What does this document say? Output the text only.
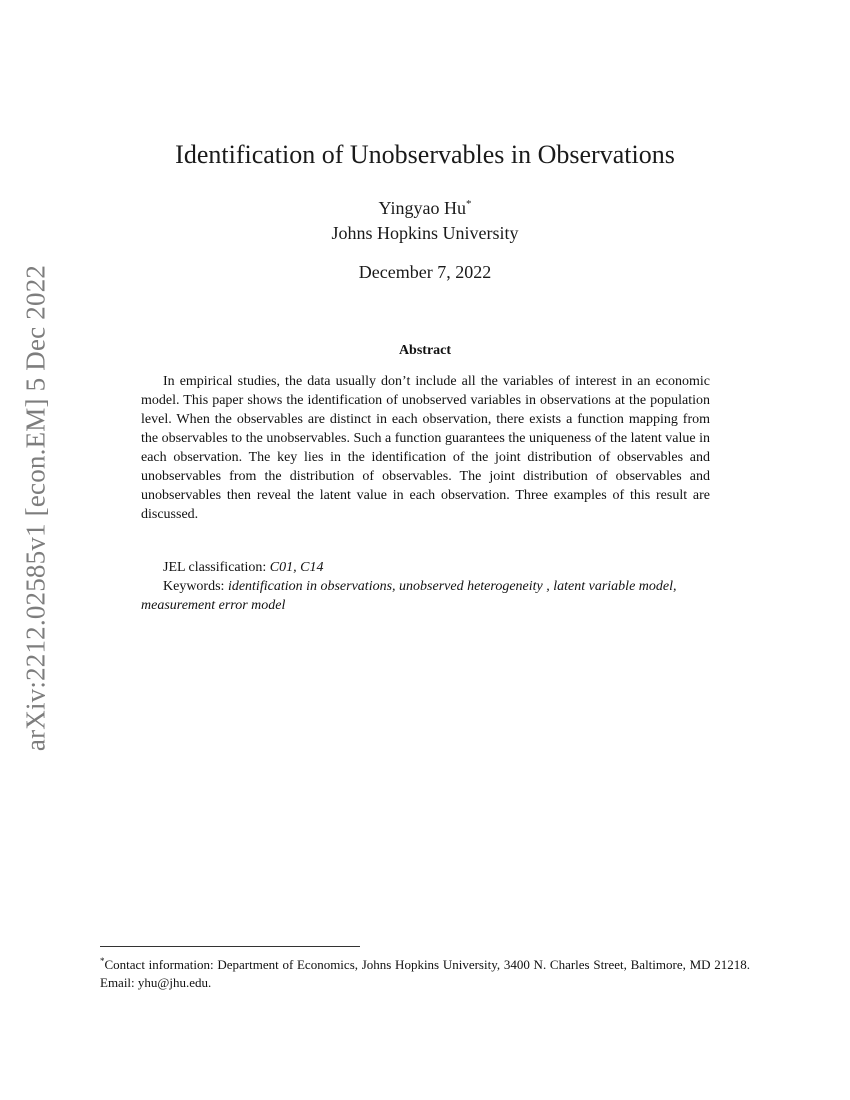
arXiv:2212.02585v1 [econ.EM] 5 Dec 2022
Identification of Unobservables in Observations
Yingyao Hu*
Johns Hopkins University
December 7, 2022
Abstract

In empirical studies, the data usually don’t include all the variables of interest in an economic model. This paper shows the identification of unobserved variables in observations at the population level. When the observables are distinct in each observation, there exists a function mapping from the observables to the unobservables. Such a function guarantees the uniqueness of the latent value in each observation. The key lies in the identification of the joint distribution of observables and unobservables from the distribution of observables. The joint distribution of observables and unobservables then reveal the latent value in each observation. Three examples of this result are discussed.

JEL classification: C01, C14
Keywords: identification in observations, unobserved heterogeneity , latent variable model, measurement error model

*Contact information: Department of Economics, Johns Hopkins University, 3400 N. Charles Street, Baltimore, MD 21218. Email: yhu@jhu.edu.
